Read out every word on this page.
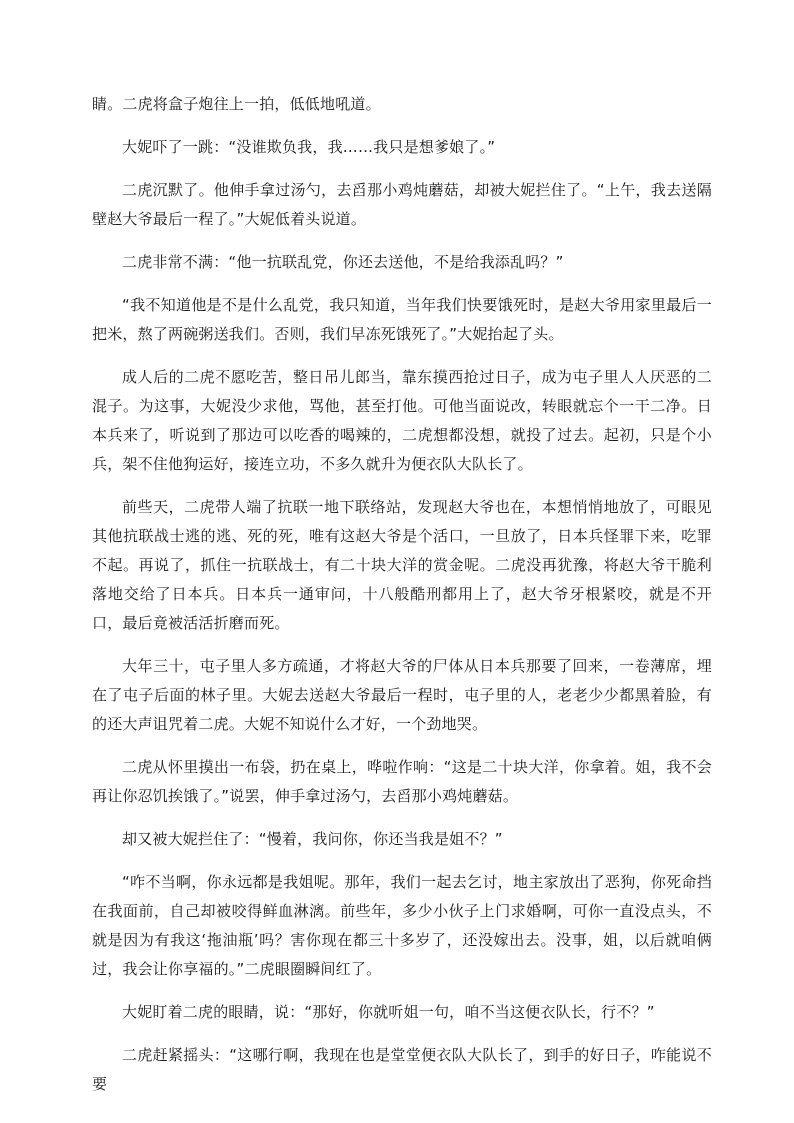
睛。二虎将盒子炮往上一拍，低低地吼道。

大妮吓了一跳：“没谁欺负我，我……我只是想爹娘了。”

二虎沉默了。他伸手拿过汤勺，去舀那小鸡炖蘑菇，却被大妮拦住了。“上午，我去送隔壁赵大爷最后一程了。”大妮低着头说道。

二虎非常不满：“他一抗联乱党，你还去送他，不是给我添乱吗？”

“我不知道他是不是什么乱党，我只知道，当年我们快要饿死时，是赵大爷用家里最后一把米，熬了两碗粥送我们。否则，我们早冻死饿死了。”大妮抬起了头。

成人后的二虎不愿吃苦，整日吊儿郎当，靠东摸西抢过日子，成为屯子里人人厌恶的二混子。为这事，大妮没少求他，骂他，甚至打他。可他当面说改，转眼就忘个一干二净。日本兵来了，听说到了那边可以吃香的喝辣的，二虎想都没想，就投了过去。起初，只是个小兵，架不住他狗运好，接连立功，不多久就升为便衣队大队长了。

前些天，二虎带人端了抗联一地下联络站，发现赵大爷也在，本想悄悄地放了，可眼见其他抗联战士逃的逃、死的死，唯有这赵大爷是个活口，一旦放了，日本兵怪罪下来，吃罪不起。再说了，抓住一抗联战士，有二十块大洋的赏金呢。二虎没再犹豫，将赵大爷干脆利落地交给了日本兵。日本兵一通审问，十八般酷刑都用上了，赵大爷牙根紧咬，就是不开口，最后竟被活活折磨而死。

大年三十，屯子里人多方疏通，才将赵大爷的尸体从日本兵那要了回来，一卷薄席，埋在了屯子后面的林子里。大妮去送赵大爷最后一程时，屯子里的人，老老少少都黑着脸，有的还大声诅咒着二虎。大妮不知说什么才好，一个劲地哭。

二虎从怀里摸出一布袋，扔在桌上，哗啦作响：“这是二十块大洋，你拿着。姐，我不会再让你忍饥挨饿了。”说罢，伸手拿过汤勺，去舀那小鸡炖蘑菇。

却又被大妮拦住了：“慢着，我问你，你还当我是姐不？”

“咋不当啊，你永远都是我姐呢。那年，我们一起去乞讨，地主家放出了恶狗，你死命挡在我面前，自己却被咬得鲜血淋漓。前些年，多少小伙子上门求婚啊，可你一直没点头，不就是因为有我这‘拖油瓶’吗？害你现在都三十多岁了，还没嫁出去。没事，姐，以后就咱俩过，我会让你享福的。”二虎眼圈瞬间红了。

大妮盯着二虎的眼睛，说：“那好，你就听姐一句，咱不当这便衣队长，行不？”

二虎赶紧摇头：“这哪行啊，我现在也是堂堂便衣队大队长了，到手的好日子，咋能说不要
